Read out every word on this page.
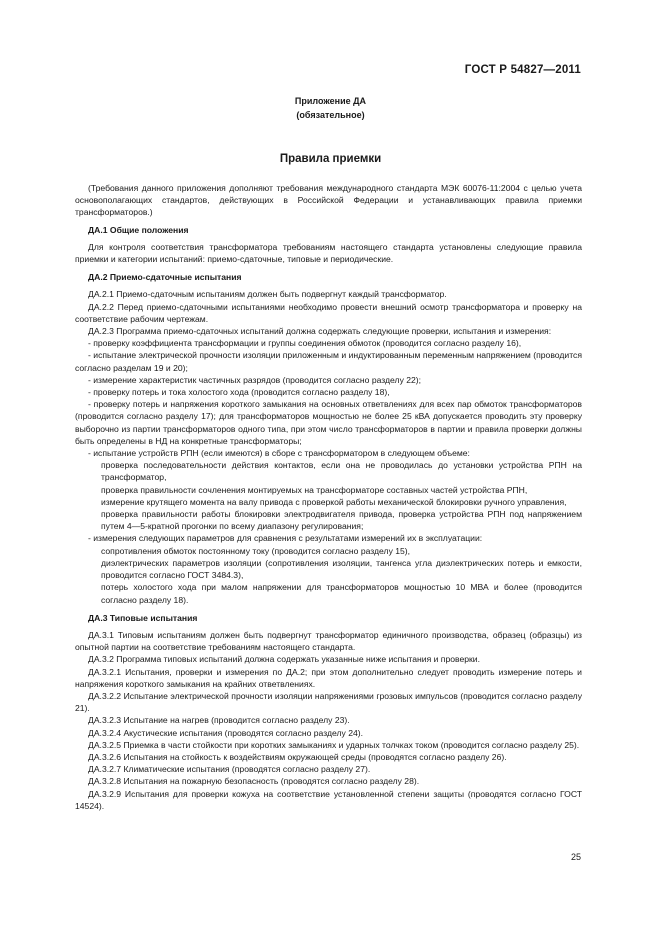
ГОСТ Р 54827—2011
Приложение ДА
(обязательное)
Правила приемки

(Требования данного приложения дополняют требования международного стандарта МЭК 60076-11:2004 с целью учета основополагающих стандартов, действующих в Российской Федерации и устанавливающих правила приемки трансформаторов.)

ДА.1 Общие положения

Для контроля соответствия трансформатора требованиям настоящего стандарта установлены следующие правила приемки и категории испытаний: приемо-сдаточные, типовые и периодические.

ДА.2 Приемо-сдаточные испытания

ДА.2.1 Приемо-сдаточным испытаниям должен быть подвергнут каждый трансформатор.

ДА.2.2 Перед приемо-сдаточными испытаниями необходимо провести внешний осмотр трансформатора и проверку на соответствие рабочим чертежам.

ДА.2.3 Программа приемо-сдаточных испытаний должна содержать следующие проверки, испытания и измерения:

- проверку коэффициента трансформации и группы соединения обмоток (проводится согласно разделу 16),

- испытание электрической прочности изоляции приложенным и индуктированным переменным напряжением (проводится согласно разделам 19 и 20);

- измерение характеристик частичных разрядов (проводится согласно разделу 22);

- проверку потерь и тока холостого хода (проводится согласно разделу 18),

- проверку потерь и напряжения короткого замыкания на основных ответвлениях для всех пар обмоток трансформаторов (проводится согласно разделу 17); для трансформаторов мощностью не более 25 кВА допускается проводить эту проверку выборочно из партии трансформаторов одного типа, при этом число трансформаторов в партии и правила проверки должны быть определены в НД на конкретные трансформаторы;

- испытание устройств РПН (если имеются) в сборе с трансформатором в следующем объеме:

проверка последовательности действия контактов, если она не проводилась до установки устройства РПН на трансформатор,

проверка правильности сочленения монтируемых на трансформаторе составных частей устройства РПН,

измерение крутящего момента на валу привода с проверкой работы механической блокировки ручного управления,

проверка правильности работы блокировки электродвигателя привода, проверка устройства РПН под напряжением путем 4—5-кратной прогонки по всему диапазону регулирования;

- измерения следующих параметров для сравнения с результатами измерений их в эксплуатации:

сопротивления обмоток постоянному току (проводится согласно разделу 15),

диэлектрических параметров изоляции (сопротивления изоляции, тангенса угла диэлектрических потерь и емкости, проводится согласно ГОСТ 3484.3),

потерь холостого хода при малом напряжении для трансформаторов мощностью 10 МВА и более (проводится согласно разделу 18).

ДА.3 Типовые испытания

ДА.3.1 Типовым испытаниям должен быть подвергнут трансформатор единичного производства, образец (образцы) из опытной партии на соответствие требованиям настоящего стандарта.

ДА.3.2 Программа типовых испытаний должна содержать указанные ниже испытания и проверки.

ДА.3.2.1 Испытания, проверки и измерения по ДА.2; при этом дополнительно следует проводить измерение потерь и напряжения короткого замыкания на крайних ответвлениях.

ДА.3.2.2 Испытание электрической прочности изоляции напряжениями грозовых импульсов (проводится согласно разделу 21).

ДА.3.2.3 Испытание на нагрев (проводится согласно разделу 23).

ДА.3.2.4 Акустические испытания (проводятся согласно разделу 24).

ДА.3.2.5 Приемка в части стойкости при коротких замыканиях и ударных толчках током (проводится согласно разделу 25).

ДА.3.2.6 Испытания на стойкость к воздействиям окружающей среды (проводятся согласно разделу 26).

ДА.3.2.7 Климатические испытания (проводятся согласно разделу 27).

ДА.3.2.8 Испытания на пожарную безопасность (проводятся согласно разделу 28).

ДА.3.2.9 Испытания для проверки кожуха на соответствие установленной степени защиты (проводятся согласно ГОСТ 14524).

25
